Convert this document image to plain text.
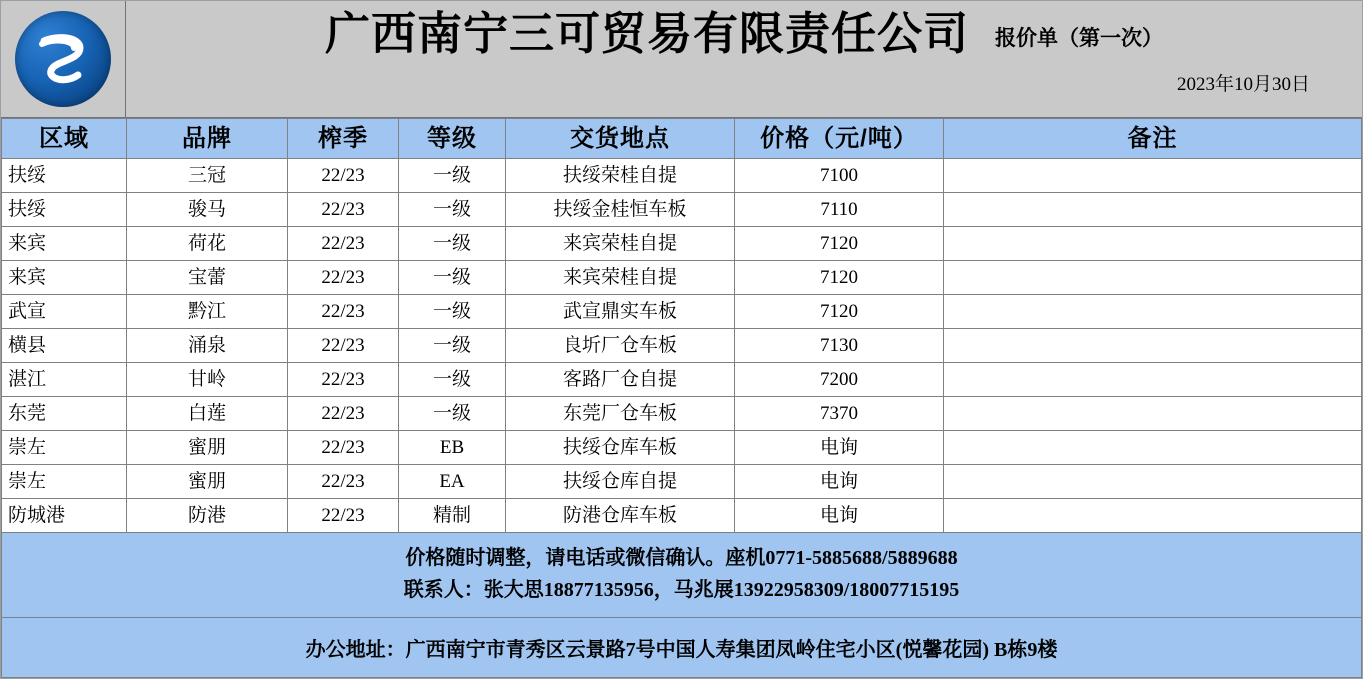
广西南宁三可贸易有限责任公司 报价单（第一次）
2023年10月30日
区域	品牌	榨季	等级	交货地点	价格（元/吨）	备注
扶绥	三冠	22/23	一级	扶绥荣桂自提	7100	
扶绥	骏马	22/23	一级	扶绥金桂恒车板	7110	
来宾	荷花	22/23	一级	来宾荣桂自提	7120	
来宾	宝蕾	22/23	一级	来宾荣桂自提	7120	
武宣	黔江	22/23	一级	武宣鼎实车板	7120	
横县	涌泉	22/23	一级	良圻厂仓车板	7130	
湛江	甘岭	22/23	一级	客路厂仓自提	7200	
东莞	白莲	22/23	一级	东莞厂仓车板	7370	
崇左	蜜朋	22/23	EB	扶绥仓库车板	电询	
崇左	蜜朋	22/23	EA	扶绥仓库自提	电询	
防城港	防港	22/23	精制	防港仓库车板	电询	
价格随时调整，请电话或微信确认。座机0771-5885688/5889688
联系人：张大思18877135956，马兆展13922958309/18007715195
办公地址：广西南宁市青秀区云景路7号中国人寿集团凤岭住宅小区(悦馨花园) B栋9楼
